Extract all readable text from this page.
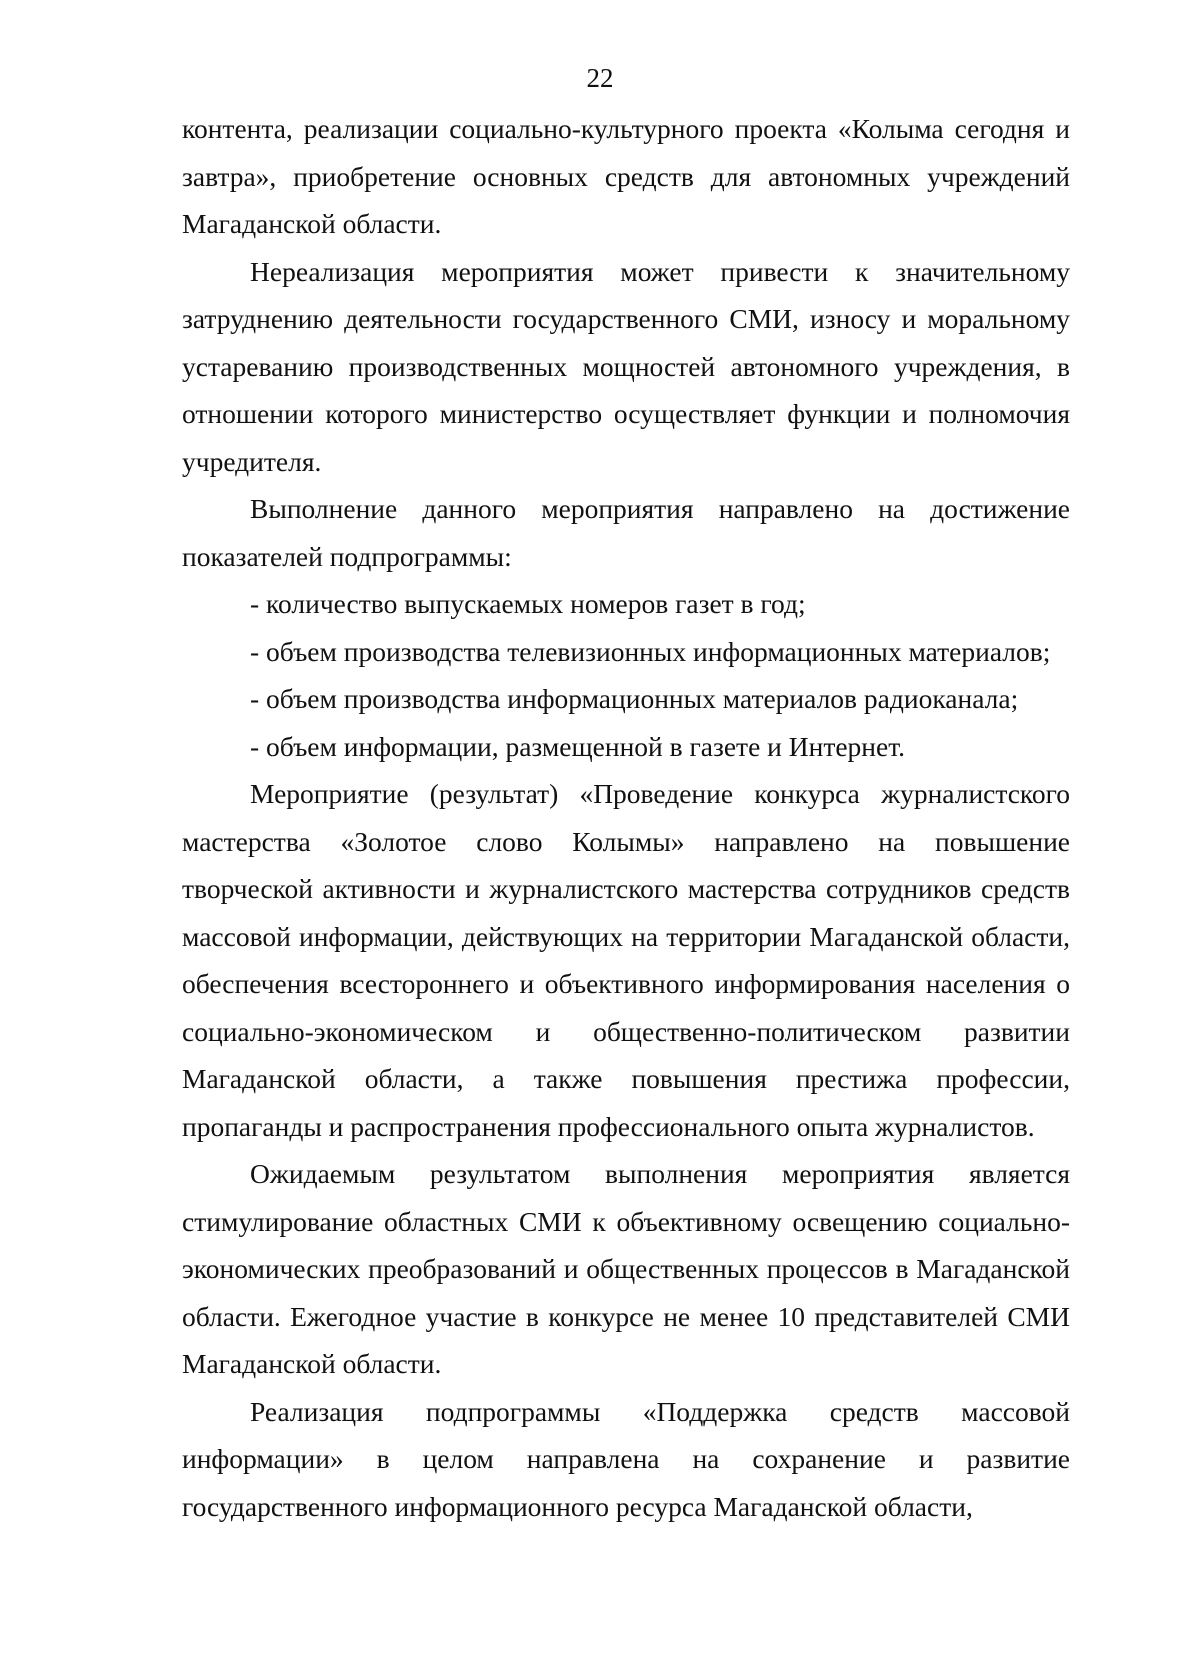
22

контента, реализации социально-культурного проекта «Колыма сегодня и завтра», приобретение основных средств для автономных учреждений Магаданской области.

Нереализация мероприятия может привести к значительному затруднению деятельности государственного СМИ, износу и моральному устареванию производственных мощностей автономного учреждения, в отношении которого министерство осуществляет функции и полномочия учредителя.

Выполнение данного мероприятия направлено на достижение показателей подпрограммы:

- количество выпускаемых номеров газет в год;

- объем производства телевизионных информационных материалов;

- объем производства информационных материалов радиоканала;

- объем информации, размещенной в газете и Интернет.

Мероприятие (результат) «Проведение конкурса журналистского мастерства «Золотое слово Колымы» направлено на повышение творческой активности и журналистского мастерства сотрудников средств массовой информации, действующих на территории Магаданской области, обеспечения всестороннего и объективного информирования населения о социально-экономическом и общественно-политическом развитии Магаданской области, а также повышения престижа профессии, пропаганды и распространения профессионального опыта журналистов.

Ожидаемым результатом выполнения мероприятия является стимулирование областных СМИ к объективному освещению социально-экономических преобразований и общественных процессов в Магаданской области. Ежегодное участие в конкурсе не менее 10 представителей СМИ Магаданской области.

Реализация подпрограммы «Поддержка средств массовой информации» в целом направлена на сохранение и развитие государственного информационного ресурса Магаданской области,
